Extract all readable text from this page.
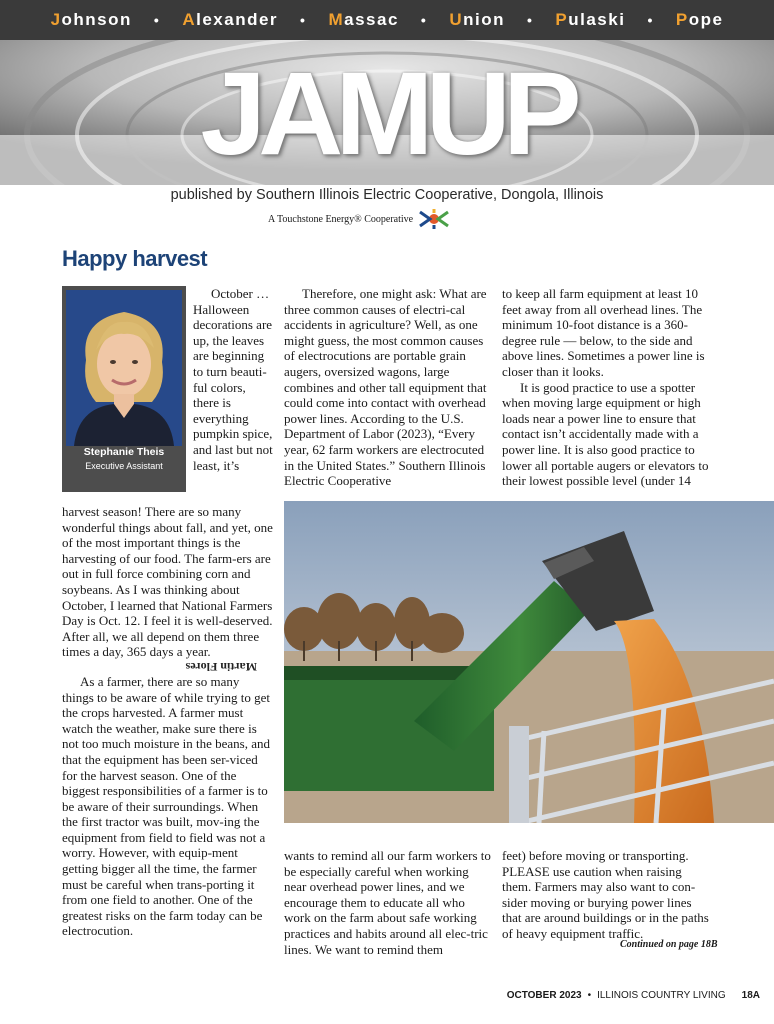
Johnson • Alexander • Massac • Union • Pulaski • Pope
JAMUP
published by Southern Illinois Electric Cooperative, Dongola, Illinois
A Touchstone Energy® Cooperative
Happy harvest
Stephanie Theis
Executive Assistant

October … Halloween decorations are up, the leaves are beginning to turn beauti-ful colors, there is everything pumpkin spice, and last but not least, it’s

harvest season! There are so many wonderful things about fall, and yet, one of the most important things is the harvesting of our food. The farm-ers are out in full force combining corn and soybeans. As I was thinking about October, I learned that National Farmers Day is Oct. 12. I feel it is well-deserved. After all, we all depend on them three times a day, 365 days a year.

Martin Flores

As a farmer, there are so many things to be aware of while trying to get the crops harvested. A farmer must watch the weather, make sure there is not too much moisture in the beans, and that the equipment has been ser-viced for the harvest season. One of the biggest responsibilities of a farmer is to be aware of their surroundings. When the first tractor was built, mov-ing the equipment from field to field was not a worry. However, with equip-ment getting bigger all the time, the farmer must be careful when trans-porting it from one field to another. One of the greatest risks on the farm today can be electrocution.

Therefore, one might ask: What are three common causes of electri-cal accidents in agriculture? Well, as one might guess, the most common causes of electrocutions are portable grain augers, oversized wagons, large combines and other tall equipment that could come into contact with overhead power lines. According to the U.S. Department of Labor (2023), “Every year, 62 farm workers are electrocuted in the United States.” Southern Illinois Electric Cooperative

to keep all farm equipment at least 10 feet away from all overhead lines. The minimum 10-foot distance is a 360-degree rule — below, to the side and above lines. Sometimes a power line is closer than it looks.

It is good practice to use a spotter when moving large equipment or high loads near a power line to ensure that contact isn’t accidentally made with a power line. It is also good practice to lower all portable augers or elevators to their lowest possible level (under 14

wants to remind all our farm workers to be especially careful when working near overhead power lines, and we encourage them to educate all who work on the farm about safe working practices and habits around all elec-tric lines. We want to remind them

feet) before moving or transporting. PLEASE use caution when raising them. Farmers may also want to con-sider moving or burying power lines that are around buildings or in the paths of heavy equipment traffic.

Continued on page 18B
OCTOBER 2023 • ILLINOIS COUNTRY LIVING 18A
